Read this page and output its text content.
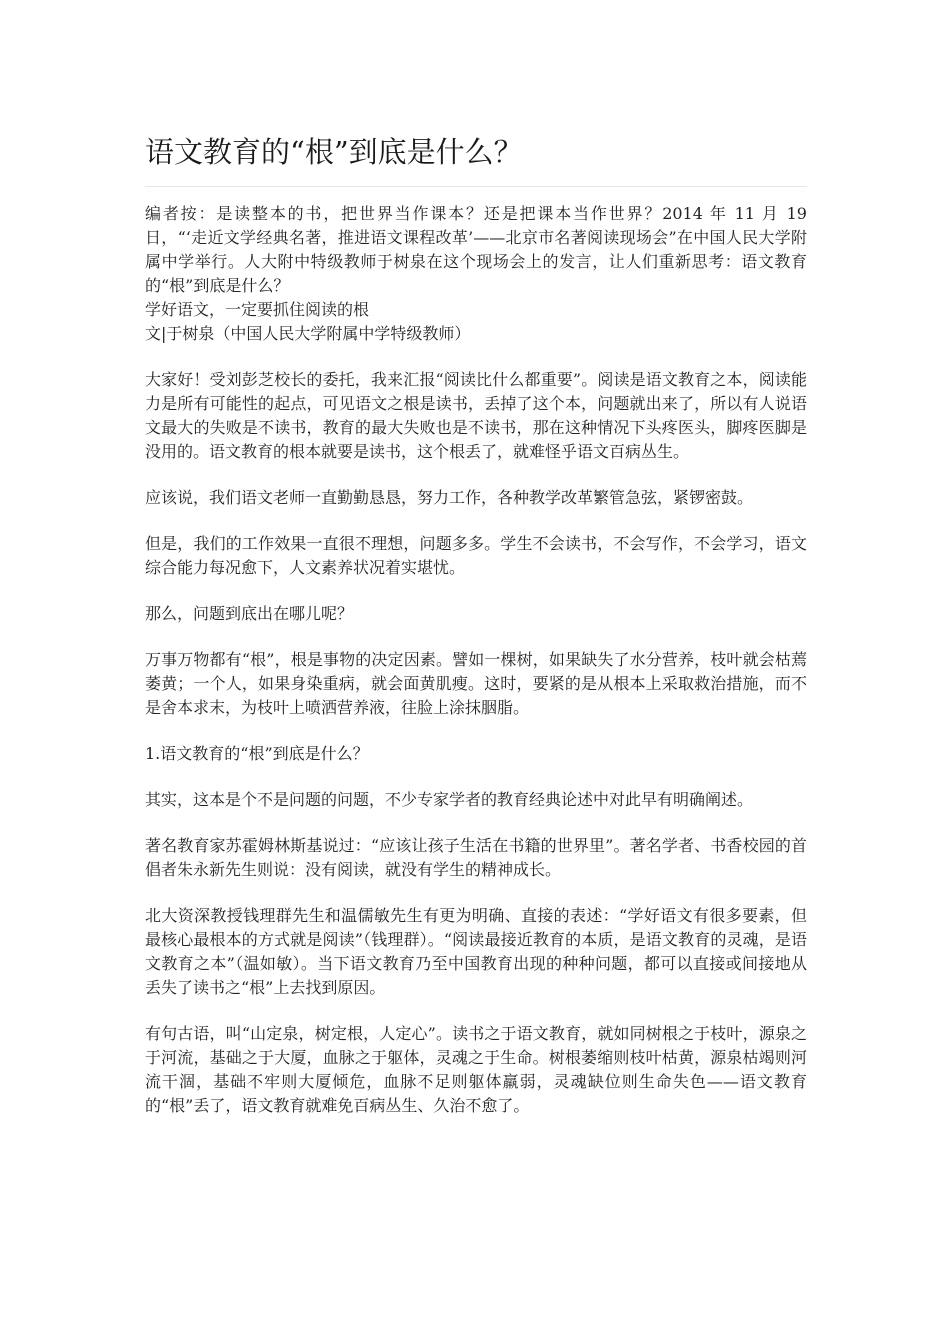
语文教育的“根”到底是什么？

编者按：是读整本的书，把世界当作课本？还是把课本当作世界？2014 年 11 月 19 日，“‘走近文学经典名著，推进语文课程改革’——北京市名著阅读现场会”在中国人民大学附属中学举行。人大附中特级教师于树泉在这个现场会上的发言，让人们重新思考：语文教育的“根”到底是什么？

学好语文，一定要抓住阅读的根

文|于树泉（中国人民大学附属中学特级教师）

大家好！受刘彭芝校长的委托，我来汇报“阅读比什么都重要”。阅读是语文教育之本，阅读能力是所有可能性的起点，可见语文之根是读书，丢掉了这个本，问题就出来了，所以有人说语文最大的失败是不读书，教育的最大失败也是不读书，那在这种情况下头疼医头，脚疼医脚是没用的。语文教育的根本就要是读书，这个根丢了，就难怪乎语文百病丛生。

应该说，我们语文老师一直勤勤恳恳，努力工作，各种教学改革繁管急弦，紧锣密鼓。

但是，我们的工作效果一直很不理想，问题多多。学生不会读书，不会写作，不会学习，语文综合能力每况愈下，人文素养状况着实堪忧。

那么，问题到底出在哪儿呢？

万事万物都有“根”，根是事物的决定因素。譬如一棵树，如果缺失了水分营养，枝叶就会枯蔫萎黄；一个人，如果身染重病，就会面黄肌瘦。这时，要紧的是从根本上采取救治措施，而不是舍本求末，为枝叶上喷洒营养液，往脸上涂抹胭脂。

1.语文教育的“根”到底是什么？

其实，这本是个不是问题的问题，不少专家学者的教育经典论述中对此早有明确阐述。

著名教育家苏霍姆林斯基说过：“应该让孩子生活在书籍的世界里”。著名学者、书香校园的首倡者朱永新先生则说：没有阅读，就没有学生的精神成长。

北大资深教授钱理群先生和温儒敏先生有更为明确、直接的表述：“学好语文有很多要素，但最核心最根本的方式就是阅读”（钱理群）。“阅读最接近教育的本质，是语文教育的灵魂，是语文教育之本”（温如敏）。当下语文教育乃至中国教育出现的种种问题，都可以直接或间接地从丢失了读书之“根”上去找到原因。

有句古语，叫“山定泉，树定根，人定心”。读书之于语文教育，就如同树根之于枝叶，源泉之于河流，基础之于大厦，血脉之于躯体，灵魂之于生命。树根萎缩则枝叶枯黄，源泉枯竭则河流干涸，基础不牢则大厦倾危，血脉不足则躯体羸弱，灵魂缺位则生命失色——语文教育的“根”丢了，语文教育就难免百病丛生、久治不愈了。
